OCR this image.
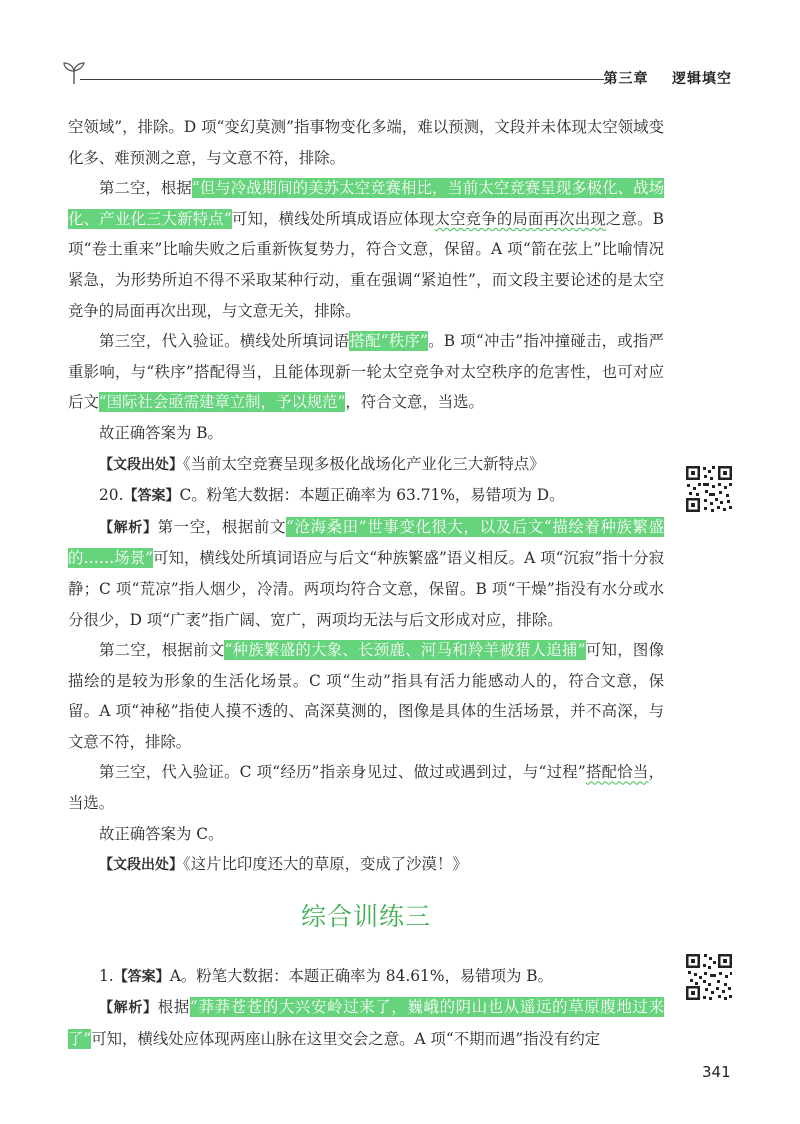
第三章 逻辑填空

空领域”，排除。D 项“变幻莫测”指事物变化多端，难以预测，文段并未体现太空领域变化多、难预测之意，与文意不符，排除。

第二空，根据“但与冷战期间的美苏太空竞赛相比，当前太空竞赛呈现多极化、战场化、产业化三大新特点”可知，横线处所填成语应体现太空竞争的局面再次出现之意。B 项“卷土重来”比喻失败之后重新恢复势力，符合文意，保留。A 项“箭在弦上”比喻情况紧急，为形势所迫不得不采取某种行动，重在强调“紧迫性”，而文段主要论述的是太空竞争的局面再次出现，与文意无关，排除。

第三空，代入验证。横线处所填词语搭配“秩序”。B 项“冲击”指冲撞碰击，或指严重影响，与“秩序”搭配得当，且能体现新一轮太空竞争对太空秩序的危害性，也可对应后文“国际社会亟需建章立制，予以规范”，符合文意，当选。

故正确答案为 B。

【文段出处】《当前太空竞赛呈现多极化战场化产业化三大新特点》

20.【答案】C。粉笔大数据：本题正确率为 63.71%，易错项为 D。

【解析】第一空，根据前文“沧海桑田”世事变化很大，以及后文“描绘着种族繁盛的……场景”可知，横线处所填词语应与后文“种族繁盛”语义相反。A 项“沉寂”指十分寂静；C 项“荒凉”指人烟少，冷清。两项均符合文意，保留。B 项“干燥”指没有水分或水分很少，D 项“广袤”指广阔、宽广，两项均无法与后文形成对应，排除。

第二空，根据前文“种族繁盛的大象、长颈鹿、河马和羚羊被猎人追捕”可知，图像描绘的是较为形象的生活化场景。C 项“生动”指具有活力能感动人的，符合文意，保留。A 项“神秘”指使人摸不透的、高深莫测的，图像是具体的生活场景，并不高深，与文意不符，排除。

第三空，代入验证。C 项“经历”指亲身见过、做过或遇到过，与“过程”搭配恰当，当选。

故正确答案为 C。

【文段出处】《这片比印度还大的草原，变成了沙漠！》

综合训练三

1.【答案】A。粉笔大数据：本题正确率为 84.61%，易错项为 B。

【解析】根据“莽莽苍苍的大兴安岭过来了，巍峨的阴山也从遥远的草原腹地过来了”可知，横线处应体现两座山脉在这里交会之意。A 项“不期而遇”指没有约定

341
